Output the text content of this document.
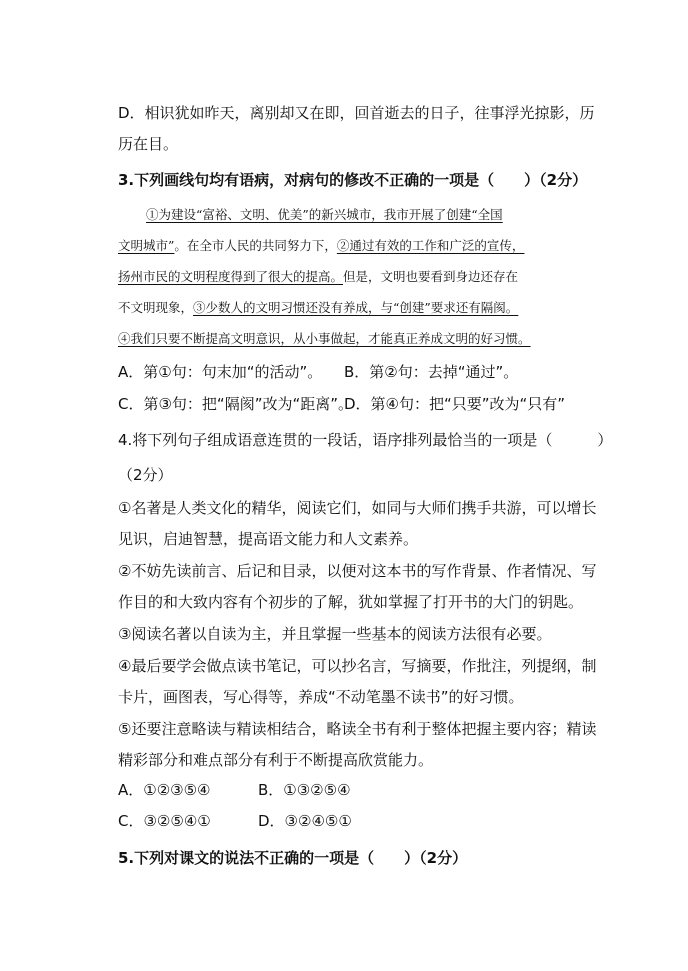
D．相识犹如昨天，离别却又在即，回首逝去的日子，往事浮光掠影，历
历在目。
3.下列画线句均有语病，对病句的修改不正确的一项是（　　）（2分）
①为建设“富裕、文明、优美”的新兴城市，我市开展了创建“全国
文明城市”。在全市人民的共同努力下，②通过有效的工作和广泛的宣传，
扬州市民的文明程度得到了很大的提高。但是，文明也要看到身边还存在
不文明现象，③少数人的文明习惯还没有养成，与“创建”要求还有隔阂。
④我们只要不断提高文明意识，从小事做起，才能真正养成文明的好习惯。
A．第①句：句末加“的活动”。 B．第②句：去掉“通过”。
C．第③句：把“隔阂”改为“距离”。
D．第④句：把“只要”改为“只有”
4.将下列句子组成语意连贯的一段话，语序排列最恰当的一项是（　　　）
（2分）
①名著是人类文化的精华，阅读它们，如同与大师们携手共游，可以增长
见识，启迪智慧，提高语文能力和人文素养。
②不妨先读前言、后记和目录，以便对这本书的写作背景、作者情况、写
作目的和大致内容有个初步的了解，犹如掌握了打开书的大门的钥匙。
③阅读名著以自读为主，并且掌握一些基本的阅读方法很有必要。
④最后要学会做点读书笔记，可以抄名言，写摘要，作批注，列提纲，制
卡片，画图表，写心得等，养成“不动笔墨不读书”的好习惯。
⑤还要注意略读与精读相结合，略读全书有利于整体把握主要内容；精读
精彩部分和难点部分有利于不断提高欣赏能力。
A．①②③⑤④	B．①③②⑤④
C．③②⑤④①	D．③②④⑤①
5.下列对课文的说法不正确的一项是（　　）（2分）
